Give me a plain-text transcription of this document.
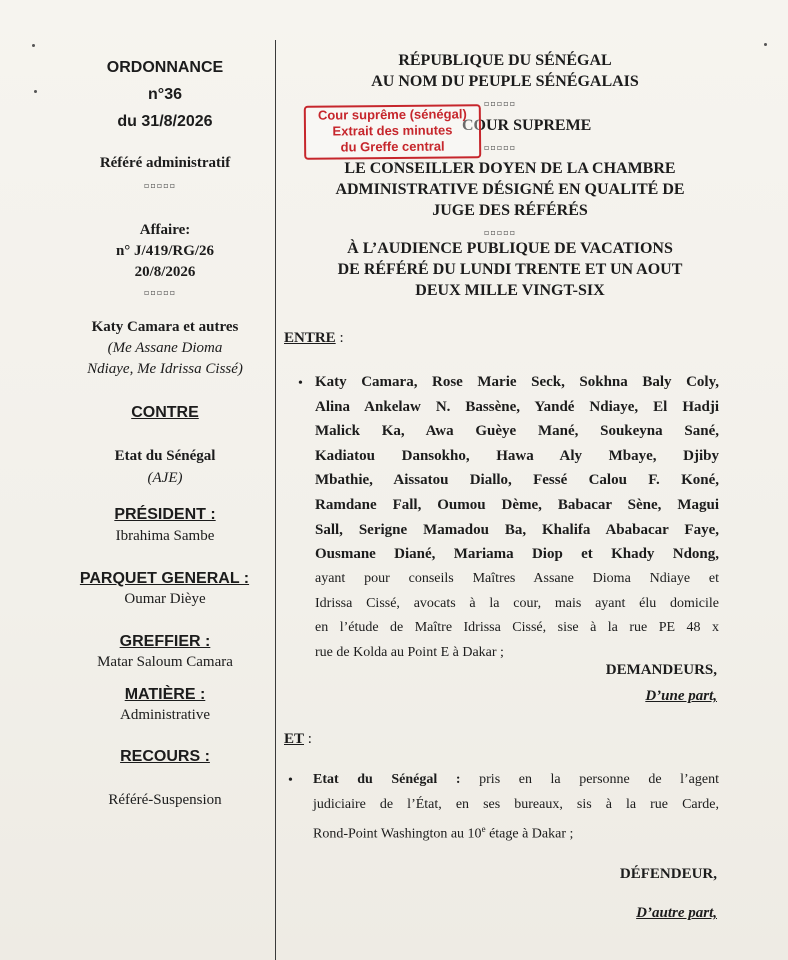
ORDONNANCE
n°36
du 31/8/2026
Référé administratif
▫▫▫▫▫
Affaire:
n° J/419/RG/26
20/8/2026
▫▫▫▫▫
Katy Camara et autres
(Me Assane Dioma
Ndiaye, Me Idrissa Cissé)
CONTRE
Etat du Sénégal
(AJE)
PRÉSIDENT :
Ibrahima Sambe
PARQUET GENERAL :
Oumar Dièye
GREFFIER :
Matar Saloum Camara
MATIÈRE :
Administrative
RECOURS :
Référé-Suspension
RÉPUBLIQUE DU SÉNÉGAL
AU NOM DU PEUPLE SÉNÉGALAIS
▫▫▫▫▫
COUR SUPREME
▫▫▫▫▫
Cour suprême (sénégal)
Extrait des minutes
du Greffe central
LE CONSEILLER DOYEN DE LA CHAMBRE
ADMINISTRATIVE DÉSIGNÉ EN QUALITÉ DE
JUGE DES RÉFÉRÉS
▫▫▫▫▫
À L’AUDIENCE PUBLIQUE DE VACATIONS
DE RÉFÉRÉ DU LUNDI TRENTE ET UN AOUT
DEUX MILLE VINGT-SIX
ENTRE :
• Katy Camara, Rose Marie Seck, Sokhna Baly Coly,
Alina Ankelaw N. Bassène, Yandé Ndiaye, El Hadji
Malick Ka, Awa Guèye Mané, Soukeyna Sané,
Kadiatou Dansokho, Hawa Aly Mbaye, Djiby
Mbathie, Aissatou Diallo, Fessé Calou F. Koné,
Ramdane Fall, Oumou Dème, Babacar Sène, Magui
Sall, Serigne Mamadou Ba, Khalifa Ababacar Faye,
Ousmane Diané, Mariama Diop et Khady Ndong,
ayant pour conseils Maîtres Assane Dioma Ndiaye et
Idrissa Cissé, avocats à la cour, mais ayant élu domicile
en l’étude de Maître Idrissa Cissé, sise à la rue PE 48 x
rue de Kolda au Point E à Dakar ;
DEMANDEURS,
D’une part,
ET :
• Etat du Sénégal : pris en la personne de l’agent
judiciaire de l’État, en ses bureaux, sis à la rue Carde,
Rond-Point Washington au 10e étage à Dakar ;
DÉFENDEUR,
D’autre part,
